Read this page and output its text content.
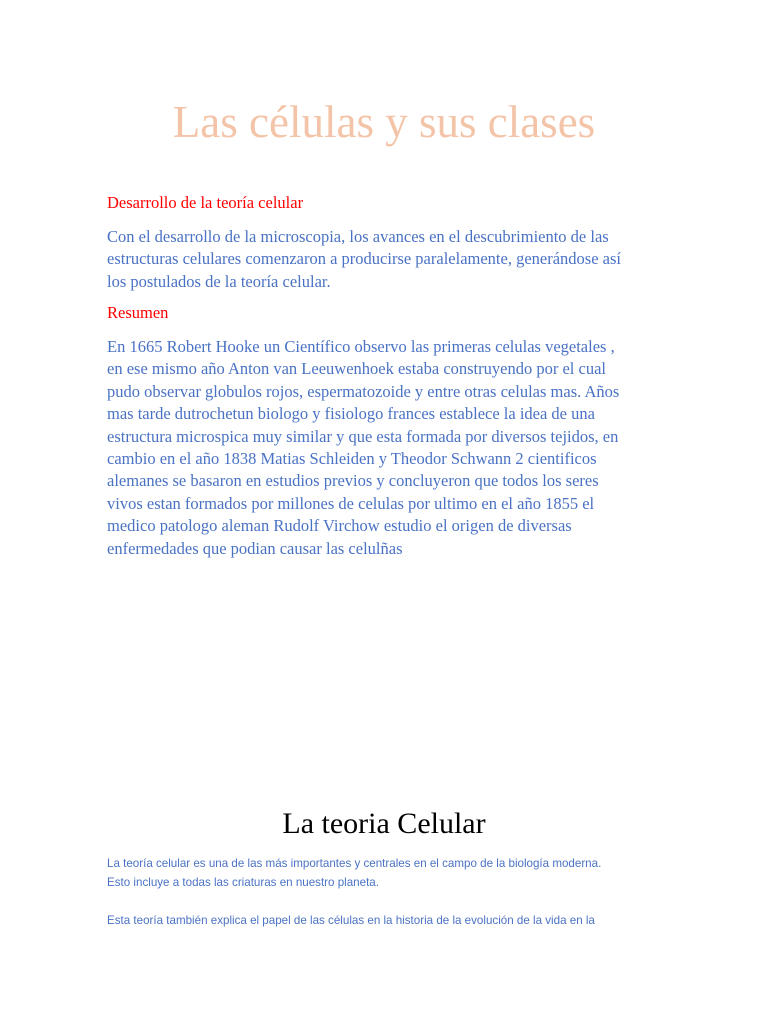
Las células y sus clases
Desarrollo de la teoría celular

Con el desarrollo de la microscopia, los avances en el descubrimiento de las
estructuras celulares comenzaron a producirse paralelamente, generándose así
los postulados de la teoría celular.

Resumen

En 1665 Robert Hooke un Científico observo las primeras celulas vegetales ,
en ese mismo año Anton van Leeuwenhoek estaba construyendo por el cual
pudo observar globulos rojos, espermatozoide y entre otras celulas mas. Años
mas tarde dutrochetun biologo y fisiologo frances establece la idea de una
estructura microspica muy similar y que esta formada por diversos tejidos, en
cambio en el año 1838 Matias Schleiden y Theodor Schwann 2 cientificos
alemanes se basaron en estudios previos y concluyeron que todos los seres
vivos estan formados por millones de celulas por ultimo en el año 1855 el
medico patologo aleman Rudolf Virchow estudio el origen de diversas
enfermedades que podian causar las celulñas

La teoria Celular

La teoría celular es una de las más importantes y centrales en el campo de la biología moderna.
Esto incluye a todas las criaturas en nuestro planeta.

Esta teoría también explica el papel de las células en la historia de la evolución de la vida en la
